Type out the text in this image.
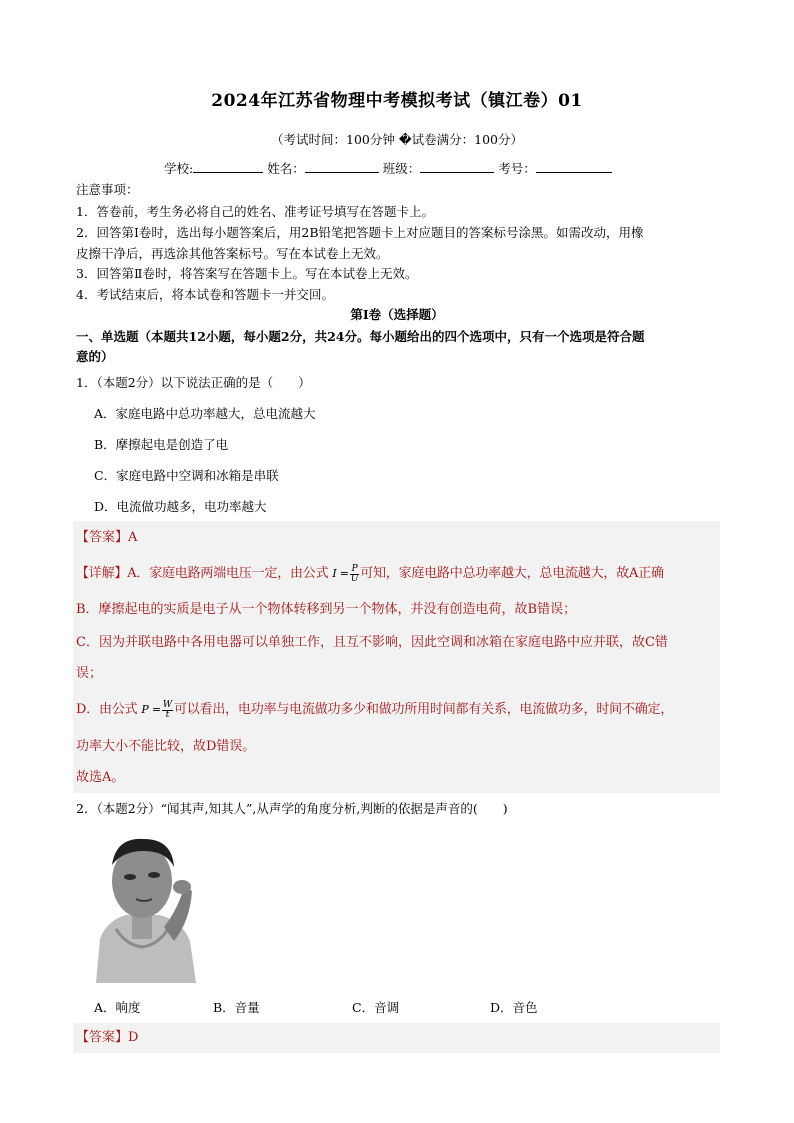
2024年江苏省物理中考模拟考试（镇江卷）01
（考试时间：100分钟 �试卷满分：100分）
学校:	姓名：	班级：	考号：
注意事项：
1．答卷前，考生务必将自己的姓名、准考证号填写在答题卡上。
2．回答第Ⅰ卷时，选出每小题答案后，用2B铅笔把答题卡上对应题目的答案标号涂黑。如需改动，用橡
皮擦干净后，再选涂其他答案标号。写在本试卷上无效。
3．回答第Ⅱ卷时，将答案写在答题卡上。写在本试卷上无效。
4．考试结束后，将本试卷和答题卡一并交回。
第Ⅰ卷（选择题）
一、单选题（本题共12小题，每小题2分，共24分。每小题给出的四个选项中，只有一个选项是符合题
意的）
1．（本题2分）以下说法正确的是（　　）
A．家庭电路中总功率越大，总电流越大
B．摩擦起电是创造了电
C．家庭电路中空调和冰箱是串联
D．电流做功越多，电功率越大
【答案】A
【详解】A．家庭电路两端电压一定，由公式 $I = \frac{P}{U}$ 可知，家庭电路中总功率越大，总电流越大，故A正确
B．摩擦起电的实质是电子从一个物体转移到另一个物体，并没有创造电荷，故B错误；
C．因为并联电路中各用电器可以单独工作，且互不影响，因此空调和冰箱在家庭电路中应并联，故C错
误；
D．由公式 $P = \frac{W}{t}$ 可以看出，电功率与电流做功多少和做功所用时间都有关系，电流做功多，时间不确定，
功率大小不能比较，故D错误。
故选A。
2．（本题2分）“闻其声,知其人”,从声学的角度分析,判断的依据是声音的(　　)
A．响度	B．音量	C．音调	D．音色
【答案】D
